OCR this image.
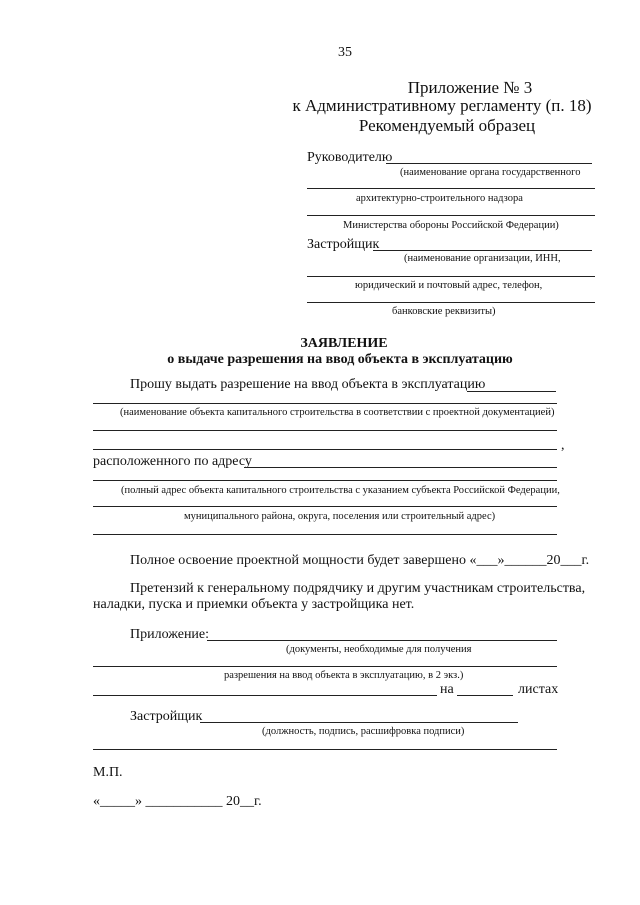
35
Приложение № 3
к Административному регламенту (п. 18)
Рекомендуемый образец
Руководителю
(наименование органа государственного
архитектурно-строительного надзора
Министерства обороны Российской Федерации)
Застройщик
(наименование организации, ИНН,
юридический и почтовый адрес, телефон,
банковские реквизиты)
ЗАЯВЛЕНИЕ
о выдаче разрешения на ввод объекта в эксплуатацию
Прошу выдать разрешение на ввод объекта в эксплуатацию
(наименование объекта капитального строительства в соответствии с проектной документацией)
,
расположенного по адресу
(полный адрес объекта капитального строительства с указанием субъекта Российской Федерации,
муниципального района, округа, поселения или строительный адрес)
Полное освоение проектной мощности будет завершено «___»______20___г.
Претензий к генеральному подрядчику и другим участникам строительства,
наладки, пуска и приемки объекта у застройщика нет.
Приложение:
(документы, необходимые для получения
разрешения на ввод объекта в эксплуатацию, в 2 экз.)
на	листах
Застройщик
(должность, подпись, расшифровка подписи)
М.П.
«_____» ___________ 20__г.
